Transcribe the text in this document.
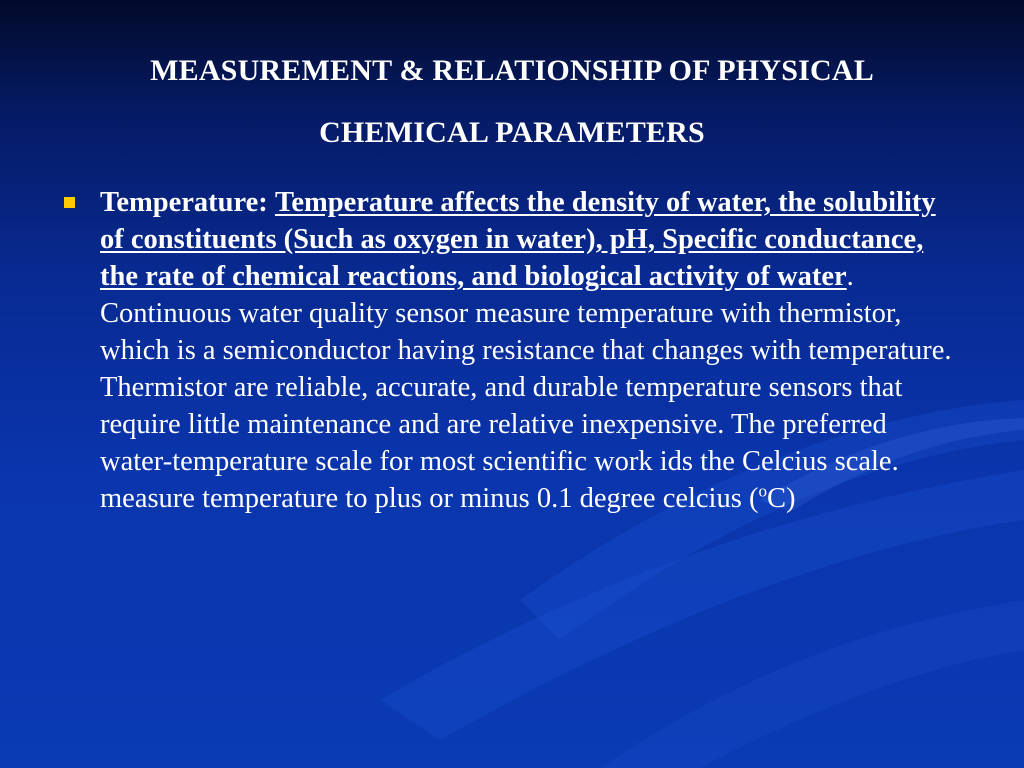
MEASUREMENT & RELATIONSHIP OF PHYSICAL
CHEMICAL PARAMETERS
Temperature: Temperature affects the density of water, the solubility of constituents (Such as oxygen in water), pH, Specific conductance, the rate of chemical reactions, and biological activity of water. Continuous water quality sensor measure temperature with thermistor, which is a semiconductor having resistance that changes with temperature. Thermistor are reliable, accurate, and durable temperature sensors that require little maintenance and are relative inexpensive. The preferred water-temperature scale for most scientific work ids the Celcius scale. measure temperature to plus or minus 0.1 degree celcius ($^o$C)
